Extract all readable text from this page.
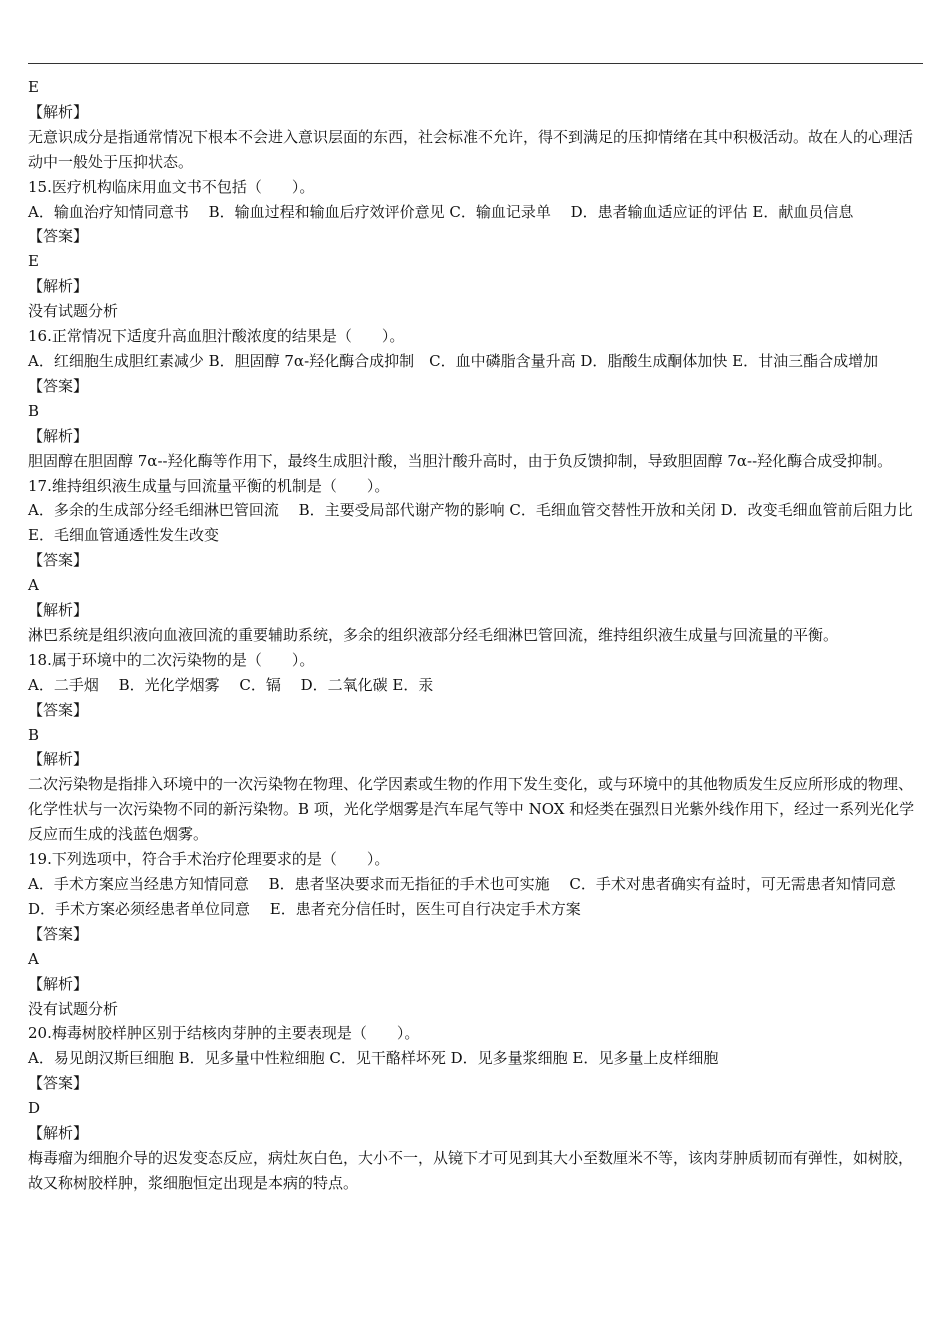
E

【解析】

无意识成分是指通常情况下根本不会进入意识层面的东西，社会标准不允许，得不到满足的压抑情绪在其中积极活动。故在人的心理活动中一般处于压抑状态。

15.医疗机构临床用血文书不包括（　　）。

A．输血治疗知情同意书　 B．输血过程和输血后疗效评价意见 C．输血记录单　 D．患者输血适应证的评估 E．献血员信息

【答案】

E

【解析】

没有试题分析

16.正常情况下适度升高血胆汁酸浓度的结果是（　　）。

A．红细胞生成胆红素减少 B．胆固醇 7α-羟化酶合成抑制　C．血中磷脂含量升高 D．脂酸生成酮体加快 E．甘油三酯合成增加

【答案】

B

【解析】

胆固醇在胆固醇 7α--羟化酶等作用下，最终生成胆汁酸，当胆汁酸升高时，由于负反馈抑制，导致胆固醇 7α--羟化酶合成受抑制。

17.维持组织液生成量与回流量平衡的机制是（　　）。

A．多余的生成部分经毛细淋巴管回流　 B．主要受局部代谢产物的影响 C．毛细血管交替性开放和关闭 D．改变毛细血管前后阻力比　　 E．毛细血管通透性发生改变

【答案】

A

【解析】

淋巴系统是组织液向血液回流的重要辅助系统，多余的组织液部分经毛细淋巴管回流，维持组织液生成量与回流量的平衡。

18.属于环境中的二次污染物的是（　　）。

A．二手烟　 B．光化学烟雾　 C．镉　 D．二氧化碳 E．汞

【答案】

B

【解析】

二次污染物是指排入环境中的一次污染物在物理、化学因素或生物的作用下发生变化，或与环境中的其他物质发生反应所形成的物理、化学性状与一次污染物不同的新污染物。B 项，光化学烟雾是汽车尾气等中 NOX 和烃类在强烈日光紫外线作用下，经过一系列光化学反应而生成的浅蓝色烟雾。

19.下列选项中，符合手术治疗伦理要求的是（　　）。

A．手术方案应当经患方知情同意　 B．患者坚决要求而无指征的手术也可实施　 C．手术对患者确实有益时，可无需患者知情同意　 D．手术方案必须经患者单位同意　 E．患者充分信任时，医生可自行决定手术方案

【答案】

A

【解析】

没有试题分析

20.梅毒树胶样肿区别于结核肉芽肿的主要表现是（　　）。

A．易见朗汉斯巨细胞 B．见多量中性粒细胞 C．见干酪样坏死 D．见多量浆细胞 E．见多量上皮样细胞

【答案】

D

【解析】

梅毒瘤为细胞介导的迟发变态反应，病灶灰白色，大小不一，从镜下才可见到其大小至数厘米不等，该肉芽肿质韧而有弹性，如树胶，故又称树胶样肿，浆细胞恒定出现是本病的特点。
